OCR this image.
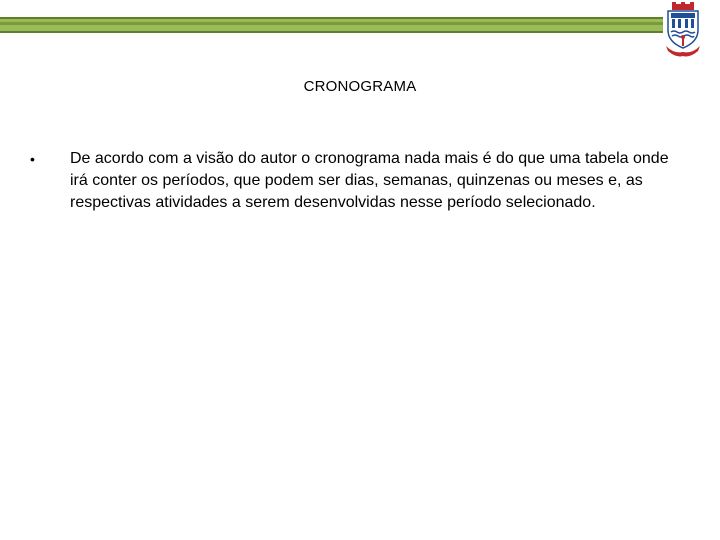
CRONOGRAMA
•	De acordo com a visão do autor o cronograma nada mais é do que uma tabela onde irá conter os períodos, que podem ser dias, semanas, quinzenas ou meses e, as respectivas atividades a serem desenvolvidas nesse período selecionado.
